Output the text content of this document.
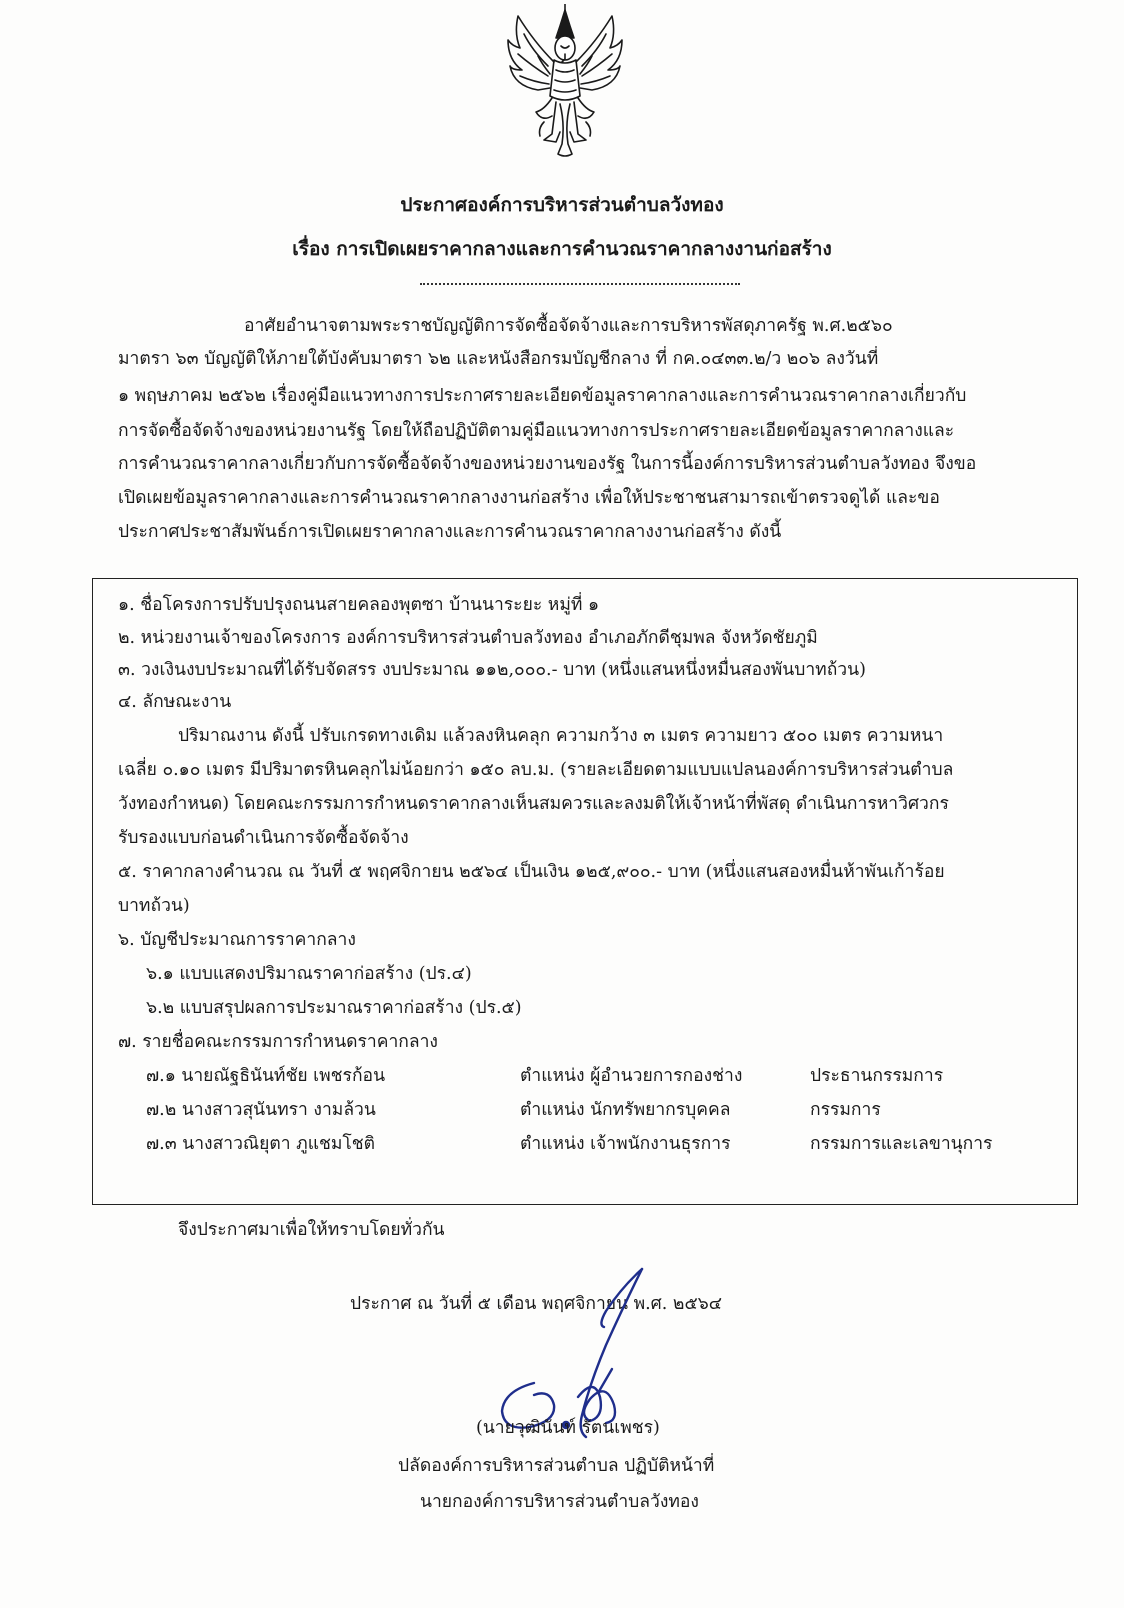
ประกาศองค์การบริหารส่วนตำบลวังทอง
เรื่อง การเปิดเผยราคากลางและการคำนวณราคากลางงานก่อสร้าง
อาศัยอำนาจตามพระราชบัญญัติการจัดซื้อจัดจ้างและการบริหารพัสดุภาครัฐ พ.ศ.๒๕๖๐
มาตรา ๖๓ บัญญัติให้ภายใต้บังคับมาตรา ๖๒ และหนังสือกรมบัญชีกลาง ที่ กค.๐๔๓๓.๒/ว ๒๐๖ ลงวันที่
๑ พฤษภาคม ๒๕๖๒ เรื่องคู่มือแนวทางการประกาศรายละเอียดข้อมูลราคากลางและการคำนวณราคากลางเกี่ยวกับ
การจัดซื้อจัดจ้างของหน่วยงานรัฐ โดยให้ถือปฏิบัติตามคู่มือแนวทางการประกาศรายละเอียดข้อมูลราคากลางและ
การคำนวณราคากลางเกี่ยวกับการจัดซื้อจัดจ้างของหน่วยงานของรัฐ ในการนี้องค์การบริหารส่วนตำบลวังทอง จึงขอ
เปิดเผยข้อมูลราคากลางและการคำนวณราคากลางงานก่อสร้าง เพื่อให้ประชาชนสามารถเข้าตรวจดูได้ และขอ
ประกาศประชาสัมพันธ์การเปิดเผยราคากลางและการคำนวณราคากลางงานก่อสร้าง ดังนี้
๑. ชื่อโครงการปรับปรุงถนนสายคลองพุตซา บ้านนาระยะ หมู่ที่ ๑
๒. หน่วยงานเจ้าของโครงการ องค์การบริหารส่วนตำบลวังทอง อำเภอภักดีชุมพล จังหวัดชัยภูมิ
๓. วงเงินงบประมาณที่ได้รับจัดสรร งบประมาณ ๑๑๒,๐๐๐.- บาท (หนึ่งแสนหนึ่งหมื่นสองพันบาทถ้วน)
๔. ลักษณะงาน
ปริมาณงาน ดังนี้ ปรับเกรดทางเดิม แล้วลงหินคลุก ความกว้าง ๓ เมตร ความยาว ๕๐๐ เมตร ความหนา
เฉลี่ย ๐.๑๐ เมตร มีปริมาตรหินคลุกไม่น้อยกว่า ๑๕๐ ลบ.ม. (รายละเอียดตามแบบแปลนองค์การบริหารส่วนตำบล
วังทองกำหนด) โดยคณะกรรมการกำหนดราคากลางเห็นสมควรและลงมติให้เจ้าหน้าที่พัสดุ ดำเนินการหาวิศวกร
รับรองแบบก่อนดำเนินการจัดซื้อจัดจ้าง
๕. ราคากลางคำนวณ ณ วันที่ ๕ พฤศจิกายน ๒๕๖๔ เป็นเงิน ๑๒๕,๙๐๐.- บาท (หนึ่งแสนสองหมื่นห้าพันเก้าร้อย
บาทถ้วน)
๖. บัญชีประมาณการราคากลาง
๖.๑ แบบแสดงปริมาณราคาก่อสร้าง (ปร.๔)
๖.๒ แบบสรุปผลการประมาณราคาก่อสร้าง (ปร.๕)
๗. รายชื่อคณะกรรมการกำหนดราคากลาง
๗.๑ นายณัฐธินันท์ชัย เพชรก้อน	ตำแหน่ง ผู้อำนวยการกองช่าง	ประธานกรรมการ
๗.๒ นางสาวสุนันทรา งามล้วน	ตำแหน่ง นักทรัพยากรบุคคล	กรรมการ
๗.๓ นางสาวณิยุตา ภูแชมโชติ	ตำแหน่ง เจ้าพนักงานธุรการ	กรรมการและเลขานุการ
จึงประกาศมาเพื่อให้ทราบโดยทั่วกัน
ประกาศ ณ วันที่ ๕ เดือน พฤศจิกายน พ.ศ. ๒๕๖๔
(นายวุฒินันท์ รัตนเพชร)
ปลัดองค์การบริหารส่วนตำบล ปฏิบัติหน้าที่
นายกองค์การบริหารส่วนตำบลวังทอง
